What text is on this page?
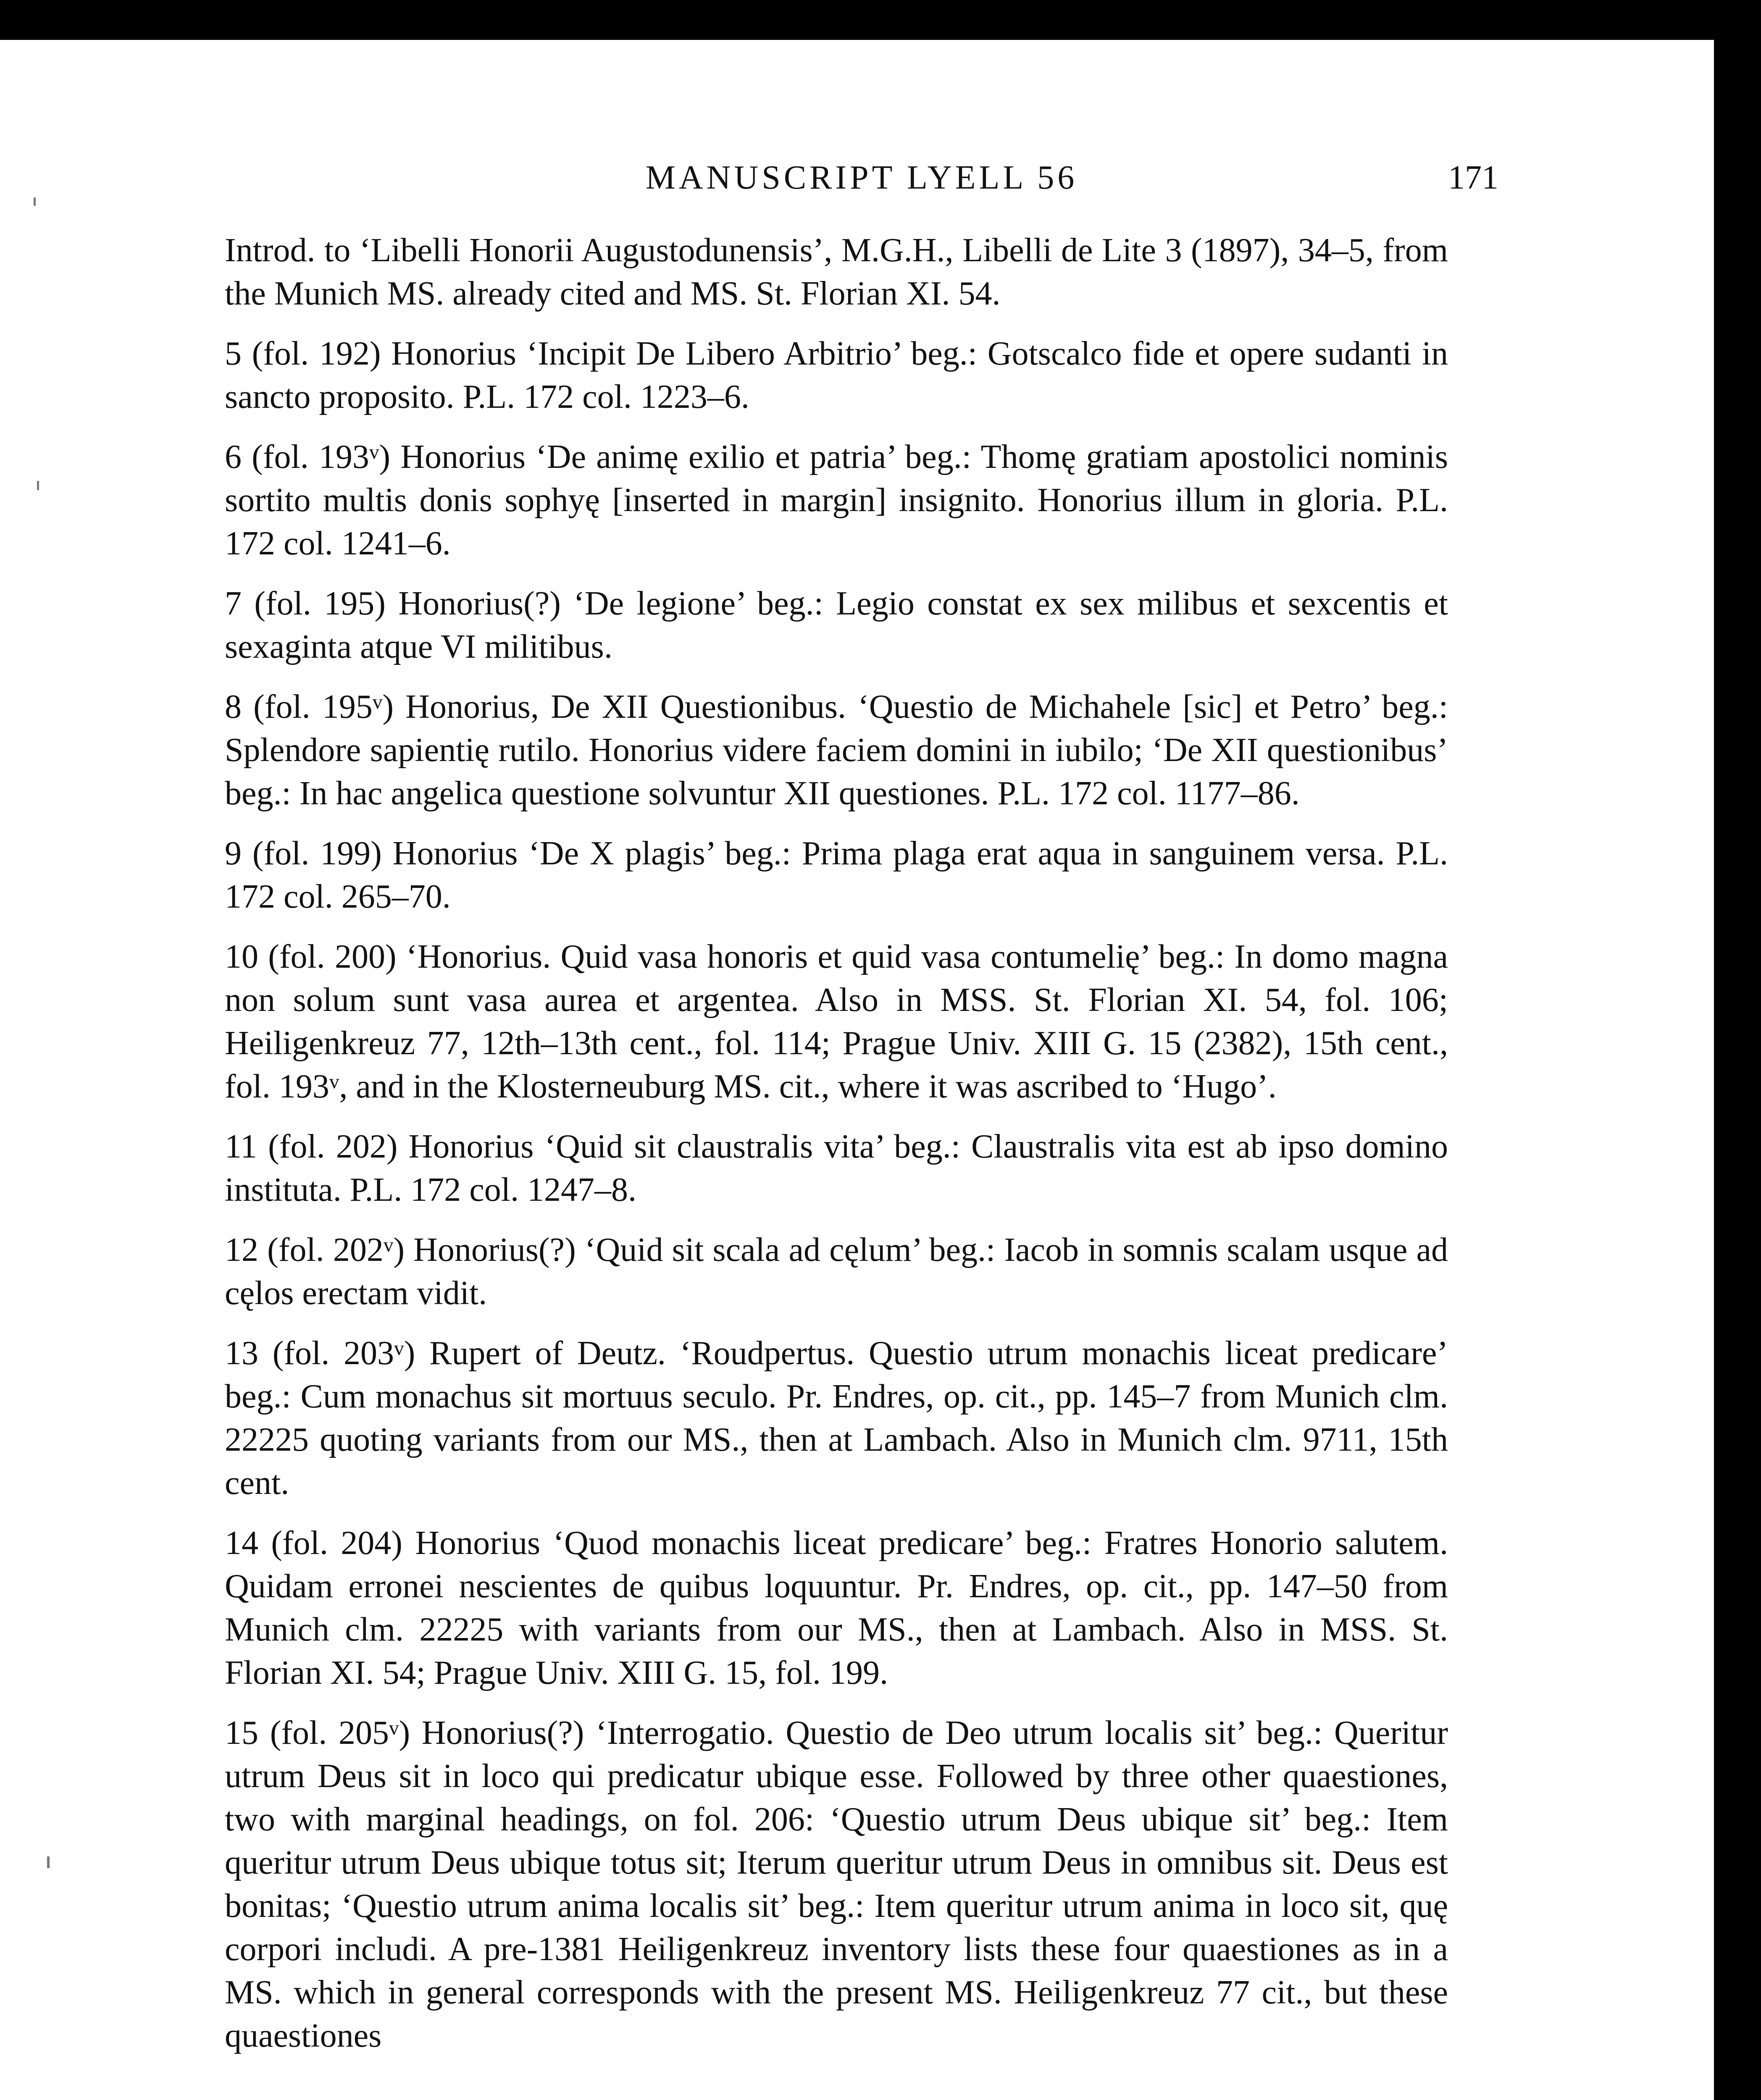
MANUSCRIPT LYELL 56	171

Introd. to ‘Libelli Honorii Augustodunensis’, M.G.H., Libelli de Lite 3 (1897), 34–5, from the Munich MS. already cited and MS. St. Florian XI. 54.

5 (fol. 192) Honorius ‘Incipit De Libero Arbitrio’ beg.: Gotscalco fide et opere sudanti in sancto proposito. P.L. 172 col. 1223–6.

6 (fol. 193ᵛ) Honorius ‘De animę exilio et patria’ beg.: Thomę gratiam apostolici nominis sortito multis donis sophyę [inserted in margin] insignito. Honorius illum in gloria. P.L. 172 col. 1241–6.

7 (fol. 195) Honorius(?) ‘De legione’ beg.: Legio constat ex sex milibus et sexcentis et sexaginta atque VI militibus.

8 (fol. 195ᵛ) Honorius, De XII Questionibus. ‘Questio de Michahele [sic] et Petro’ beg.: Splendore sapientię rutilo. Honorius videre faciem domini in iubilo; ‘De XII questionibus’ beg.: In hac angelica questione solvuntur XII questiones. P.L. 172 col. 1177–86.

9 (fol. 199) Honorius ‘De X plagis’ beg.: Prima plaga erat aqua in sanguinem versa. P.L. 172 col. 265–70.

10 (fol. 200) ‘Honorius. Quid vasa honoris et quid vasa contumelię’ beg.: In domo magna non solum sunt vasa aurea et argentea. Also in MSS. St. Florian XI. 54, fol. 106; Heiligenkreuz 77, 12th–13th cent., fol. 114; Prague Univ. XIII G. 15 (2382), 15th cent., fol. 193ᵛ, and in the Klosterneuburg MS. cit., where it was ascribed to ‘Hugo’.

11 (fol. 202) Honorius ‘Quid sit claustralis vita’ beg.: Claustralis vita est ab ipso domino instituta. P.L. 172 col. 1247–8.

12 (fol. 202ᵛ) Honorius(?) ‘Quid sit scala ad cęlum’ beg.: Iacob in somnis scalam usque ad cęlos erectam vidit.

13 (fol. 203ᵛ) Rupert of Deutz. ‘Roudpertus. Questio utrum monachis liceat predicare’ beg.: Cum monachus sit mortuus seculo. Pr. Endres, op. cit., pp. 145–7 from Munich clm. 22225 quoting variants from our MS., then at Lambach. Also in Munich clm. 9711, 15th cent.

14 (fol. 204) Honorius ‘Quod monachis liceat predicare’ beg.: Fratres Honorio salutem. Quidam erronei nescientes de quibus loquuntur. Pr. Endres, op. cit., pp. 147–50 from Munich clm. 22225 with variants from our MS., then at Lambach. Also in MSS. St. Florian XI. 54; Prague Univ. XIII G. 15, fol. 199.

15 (fol. 205ᵛ) Honorius(?) ‘Interrogatio. Questio de Deo utrum localis sit’ beg.: Queritur utrum Deus sit in loco qui predicatur ubique esse. Followed by three other quaestiones, two with marginal headings, on fol. 206: ‘Questio utrum Deus ubique sit’ beg.: Item queritur utrum Deus ubique totus sit; Iterum queritur utrum Deus in omnibus sit. Deus est bonitas; ‘Questio utrum anima localis sit’ beg.: Item queritur utrum anima in loco sit, quę corpori includi. A pre-1381 Heiligenkreuz inventory lists these four quaestiones as in a MS. which in general corresponds with the present MS. Heiligenkreuz 77 cit., but these quaestiones
